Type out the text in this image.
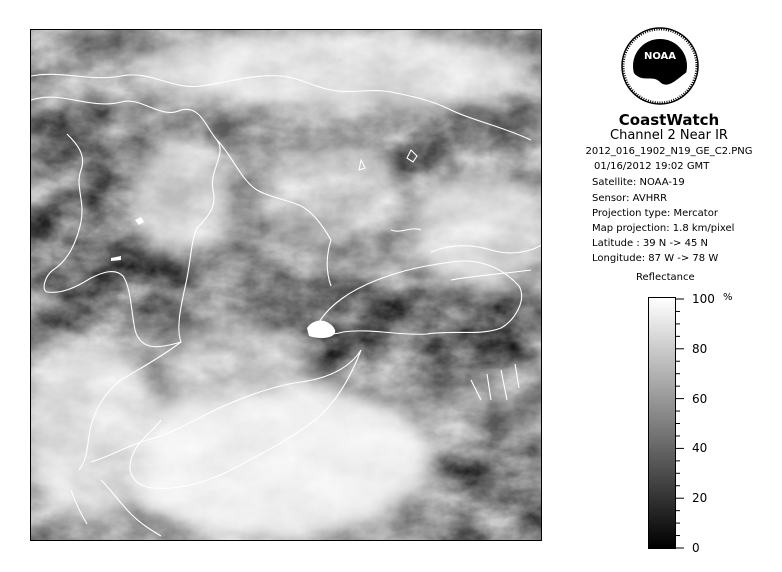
NOAA
CoastWatch
Channel 2 Near IR
2012_016_1902_N19_GE_C2.PNG
01/16/2012 19:02 GMT
Satellite: NOAA-19
Sensor: AVHRR
Projection type: Mercator
Map projection: 1.8 km/pixel
Latitude : 39 N -> 45 N
Longitude: 87 W -> 78 W
Reflectance
100
80
60
40
20
0
%
